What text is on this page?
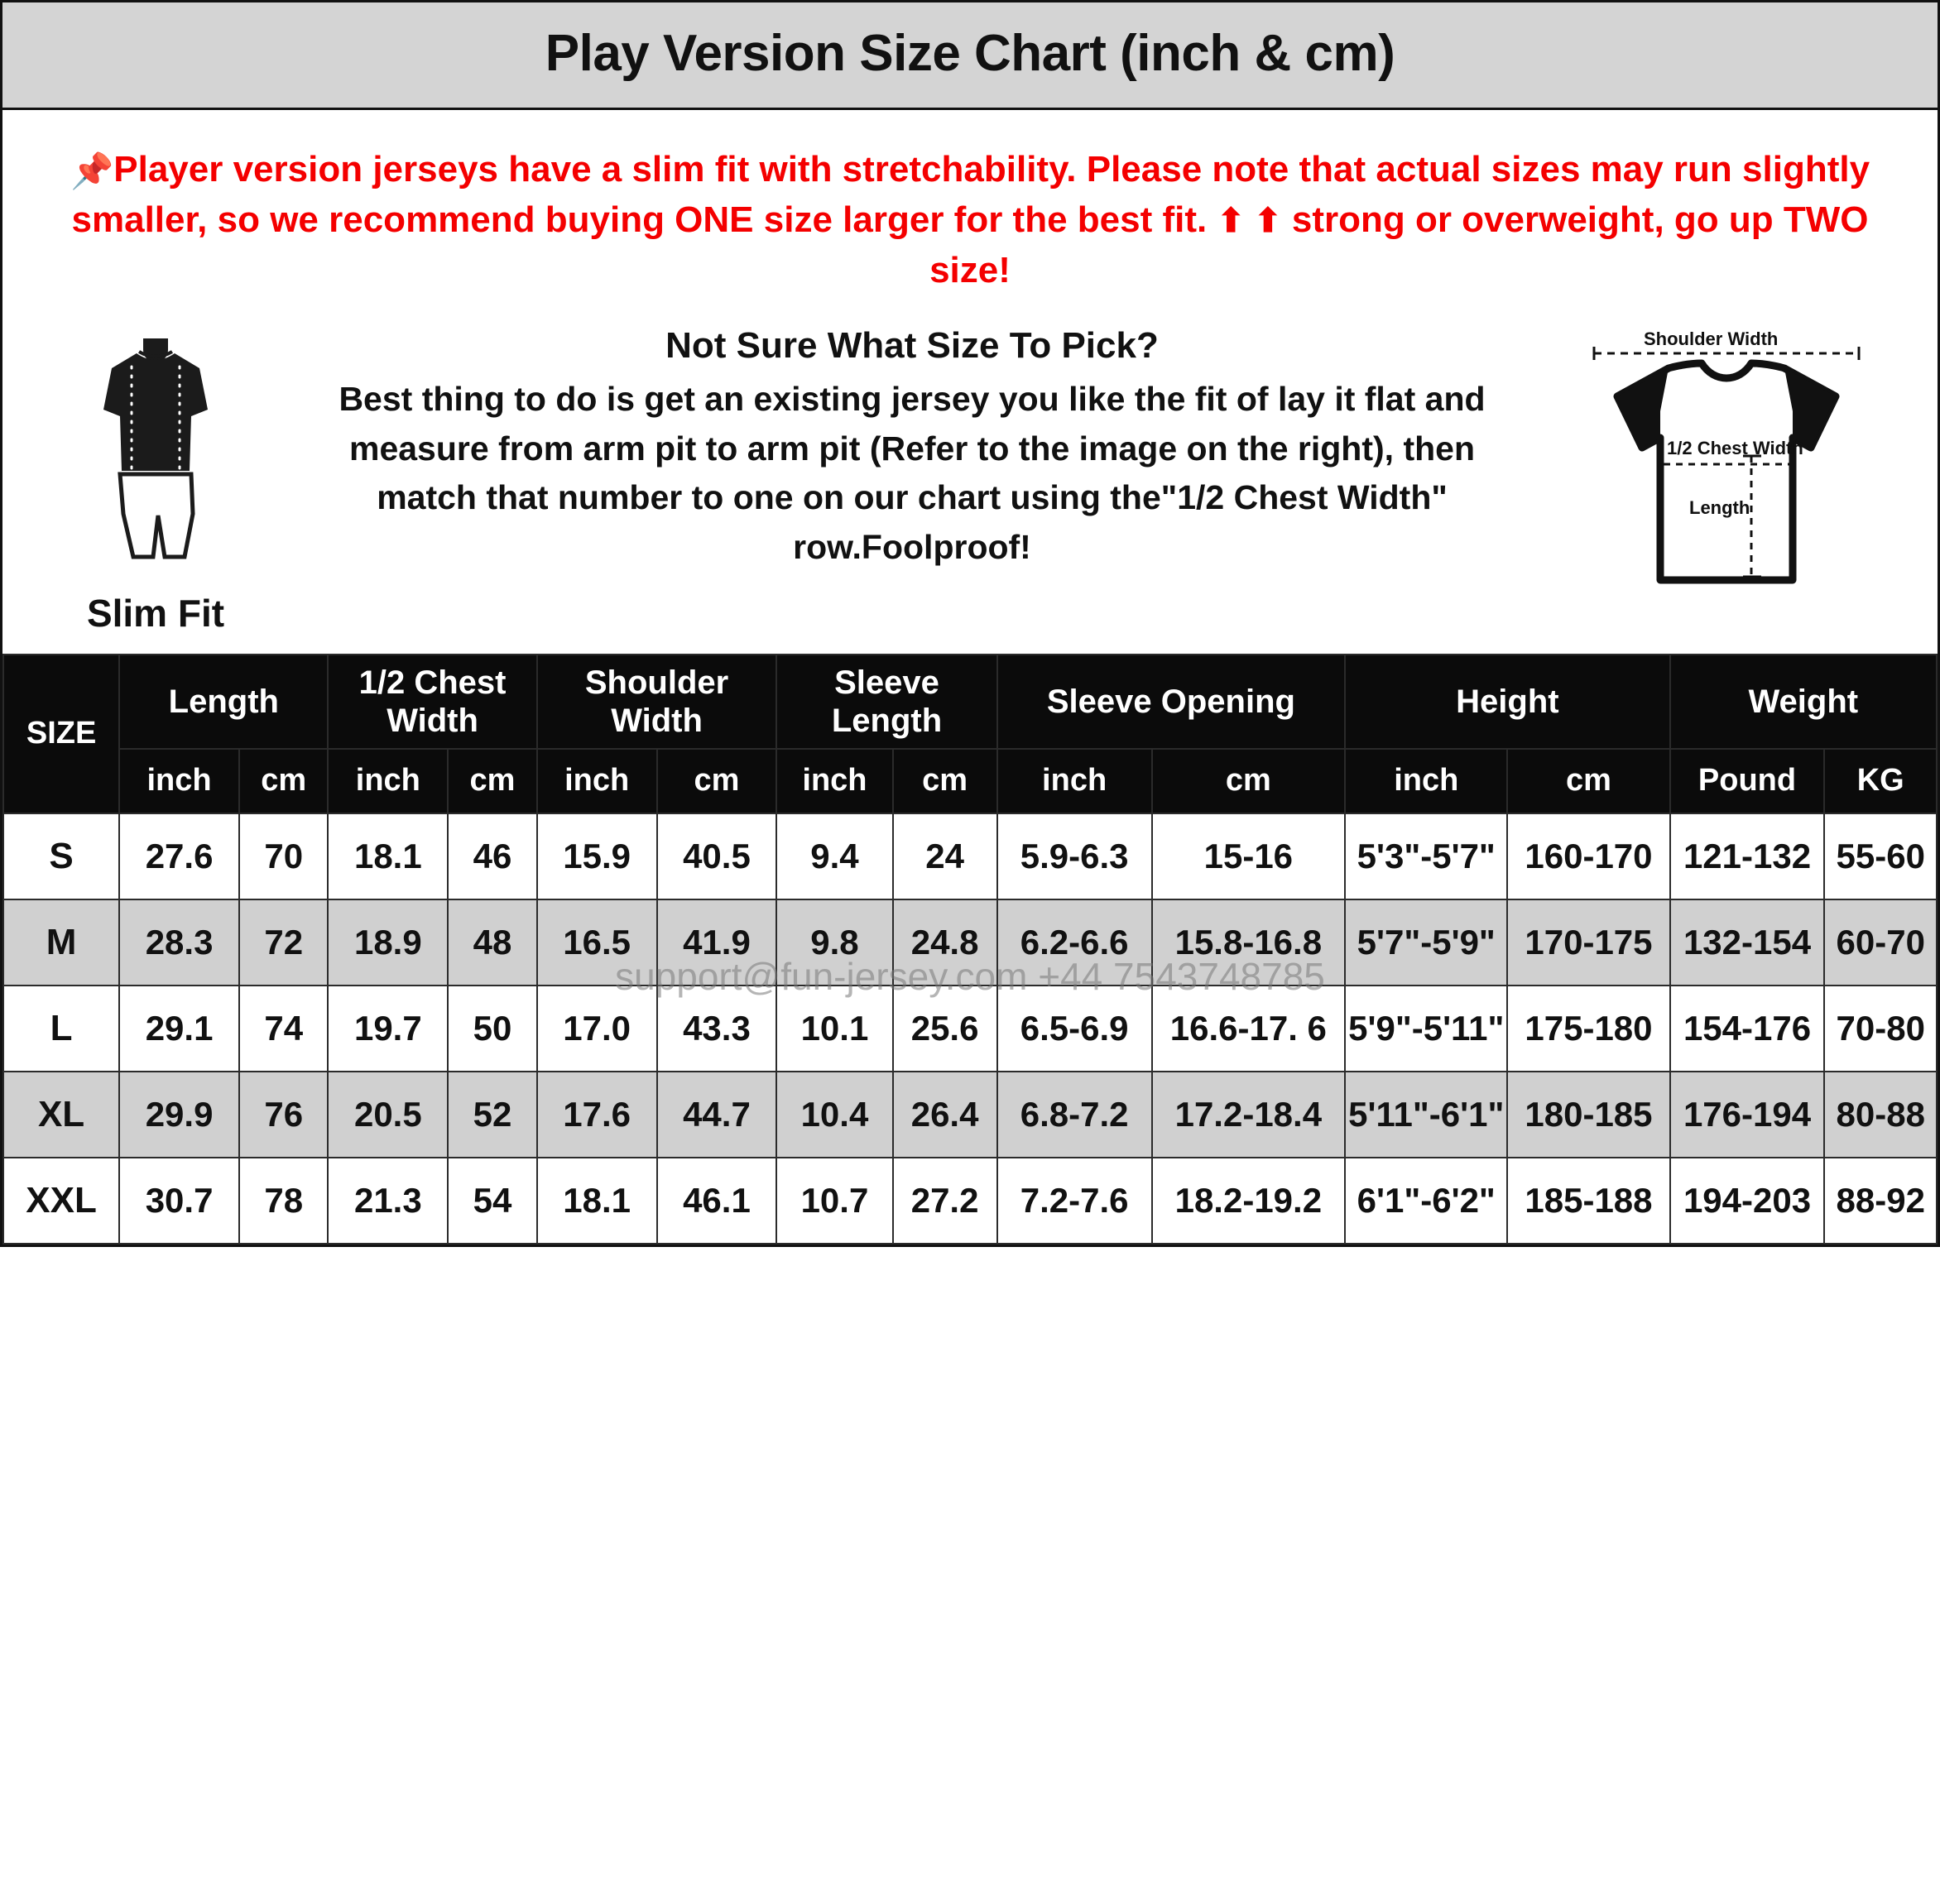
Play Version Size Chart (inch & cm)
📌Player version jerseys have a slim fit with stretchability. Please note that actual sizes may run slightly smaller, so we recommend buying ONE size larger for the best fit. ⬆ ⬆ strong or overweight, go up TWO size!
Slim Fit
Not Sure What Size To Pick?
Best thing to do is get an existing jersey you like the fit of lay it flat and measure from arm pit to arm pit (Refer to the image on the right), then match that number to one on our chart using the"1/2 Chest Width" row.Foolproof!
Shoulder Width
1/2 Chest Width
Length
support@fun-jersey.com +44 7543748785
SIZE	Length		1/2 Chest Width		Shoulder Width		Sleeve Length		Sleeve Opening		Height		Weight	
	inch	cm	inch	cm	inch	cm	inch	cm	inch	cm	inch	cm	Pound	KG
S	27.6	70	18.1	46	15.9	40.5	9.4	24	5.9-6.3	15-16	5'3"-5'7"	160-170	121-132	55-60
M	28.3	72	18.9	48	16.5	41.9	9.8	24.8	6.2-6.6	15.8-16.8	5'7"-5'9"	170-175	132-154	60-70
L	29.1	74	19.7	50	17.0	43.3	10.1	25.6	6.5-6.9	16.6-17. 6	5'9"-5'11"	175-180	154-176	70-80
XL	29.9	76	20.5	52	17.6	44.7	10.4	26.4	6.8-7.2	17.2-18.4	5'11"-6'1"	180-185	176-194	80-88
XXL	30.7	78	21.3	54	18.1	46.1	10.7	27.2	7.2-7.6	18.2-19.2	6'1"-6'2"	185-188	194-203	88-92
